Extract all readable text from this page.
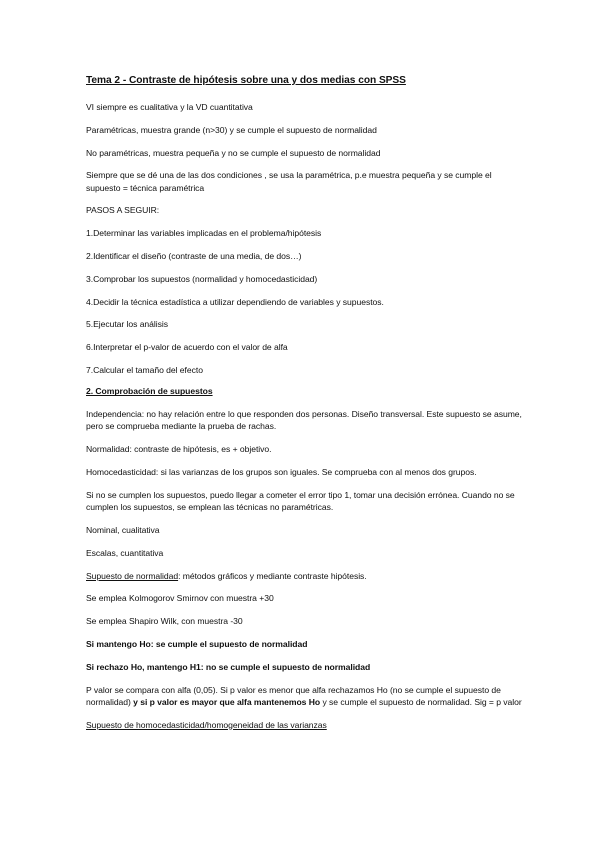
Tema 2 - Contraste de hipótesis sobre una y dos medias con SPSS

VI siempre es cualitativa y la VD cuantitativa

Paramétricas, muestra grande (n>30) y se cumple el supuesto de normalidad

No paramétricas, muestra pequeña y no se cumple el supuesto de normalidad

Siempre que se dé una de las dos condiciones , se usa la paramétrica, p.e muestra pequeña y se cumple el supuesto = técnica paramétrica

PASOS A SEGUIR:

1.Determinar las variables implicadas en el problema/hipótesis

2.Identificar el diseño (contraste de una media, de dos…)

3.Comprobar los supuestos (normalidad y homocedasticidad)

4.Decidir la técnica estadística a utilizar dependiendo de variables y supuestos.

5.Ejecutar los análisis

6.Interpretar el p-valor de acuerdo con el valor de alfa

7.Calcular el tamaño del efecto

2. Comprobación de supuestos

Independencia: no hay relación entre lo que responden dos personas. Diseño transversal. Este supuesto se asume, pero se comprueba mediante la prueba de rachas.

Normalidad: contraste de hipótesis, es + objetivo.

Homocedasticidad: si las varianzas de los grupos son iguales. Se comprueba con al menos dos grupos.

Si no se cumplen los supuestos, puedo llegar a cometer el error tipo 1, tomar una decisión errónea. Cuando no se cumplen los supuestos, se emplean las técnicas no paramétricas.

Nominal, cualitativa

Escalas, cuantitativa

Supuesto de normalidad: métodos gráficos y mediante contraste hipótesis.

Se emplea Kolmogorov Smirnov con muestra +30

Se emplea Shapiro Wilk, con muestra -30

Si mantengo Ho: se cumple el supuesto de normalidad

Si rechazo Ho, mantengo H1: no se cumple el supuesto de normalidad

P valor se compara con alfa (0,05). Si p valor es menor que alfa rechazamos Ho (no se cumple el supuesto de normalidad) y si p valor es mayor que alfa mantenemos Ho y se cumple el supuesto de normalidad. Sig = p valor

Supuesto de homocedasticidad/homogeneidad de las varianzas
